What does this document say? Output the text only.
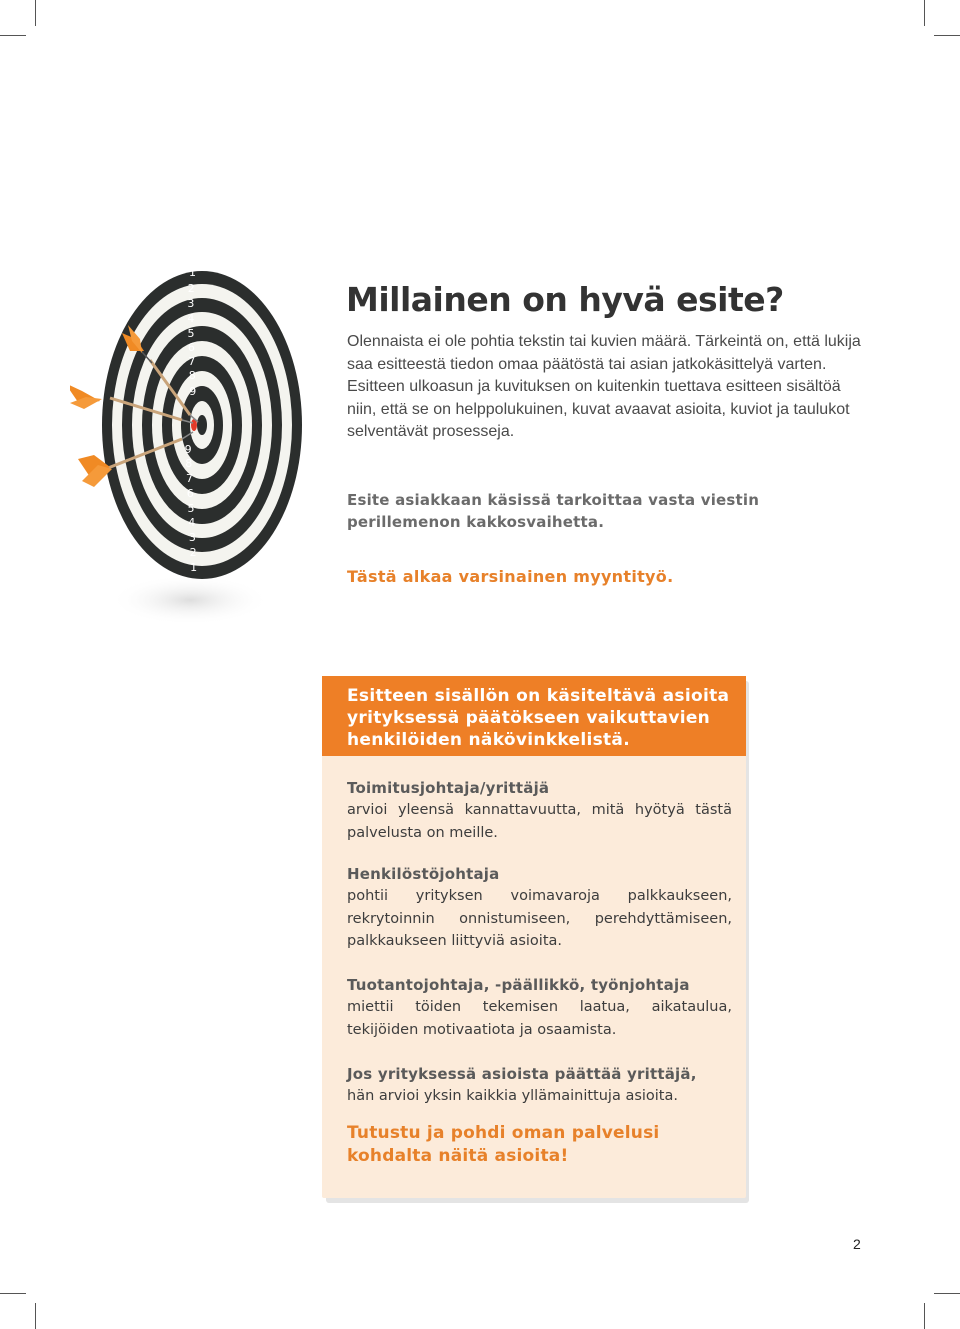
1
2
3
4
5
6
7
8
9
9
8
7
6
5
4
3
2
1
Millainen on hyvä esite?

Olennaista ei ole pohtia tekstin tai kuvien määrä. Tärkeintä on, että lukija saa esitteestä tiedon omaa päätöstä tai asian jatkokäsittelyä varten. Esitteen ulkoasun ja kuvituksen on kuitenkin tuettava esitteen sisältöä niin, että se on helppolukuinen, kuvat avaavat asioita, kuviot ja taulukot selventävät prosesseja.

Esite asiakkaan käsissä tarkoittaa vasta viestin perillemenon kakkosvaihetta.

Tästä alkaa varsinainen myyntityö.

Esitteen sisällön on käsiteltävä asioita yrityksessä päätökseen vaikuttavien henkilöiden näkövinkkelistä.

Toimitusjohtaja/yrittäjä

arvioi yleensä kannattavuutta, mitä hyötyä tästä palvelusta on meille.

Henkilöstöjohtaja

pohtii yrityksen voimavaroja palkkaukseen, rekrytoinnin onnistumiseen, perehdyttämiseen, palkkaukseen liittyviä asioita.

Tuotantojohtaja, -päällikkö, työnjohtaja

miettii töiden tekemisen laatua, aikataulua, tekijöiden motivaatiota ja osaamista.

Jos yrityksessä asioista päättää yrittäjä,

hän arvioi yksin kaikkia yllämainittuja asioita.

Tutustu ja pohdi oman palvelusi kohdalta näitä asioita!

2
